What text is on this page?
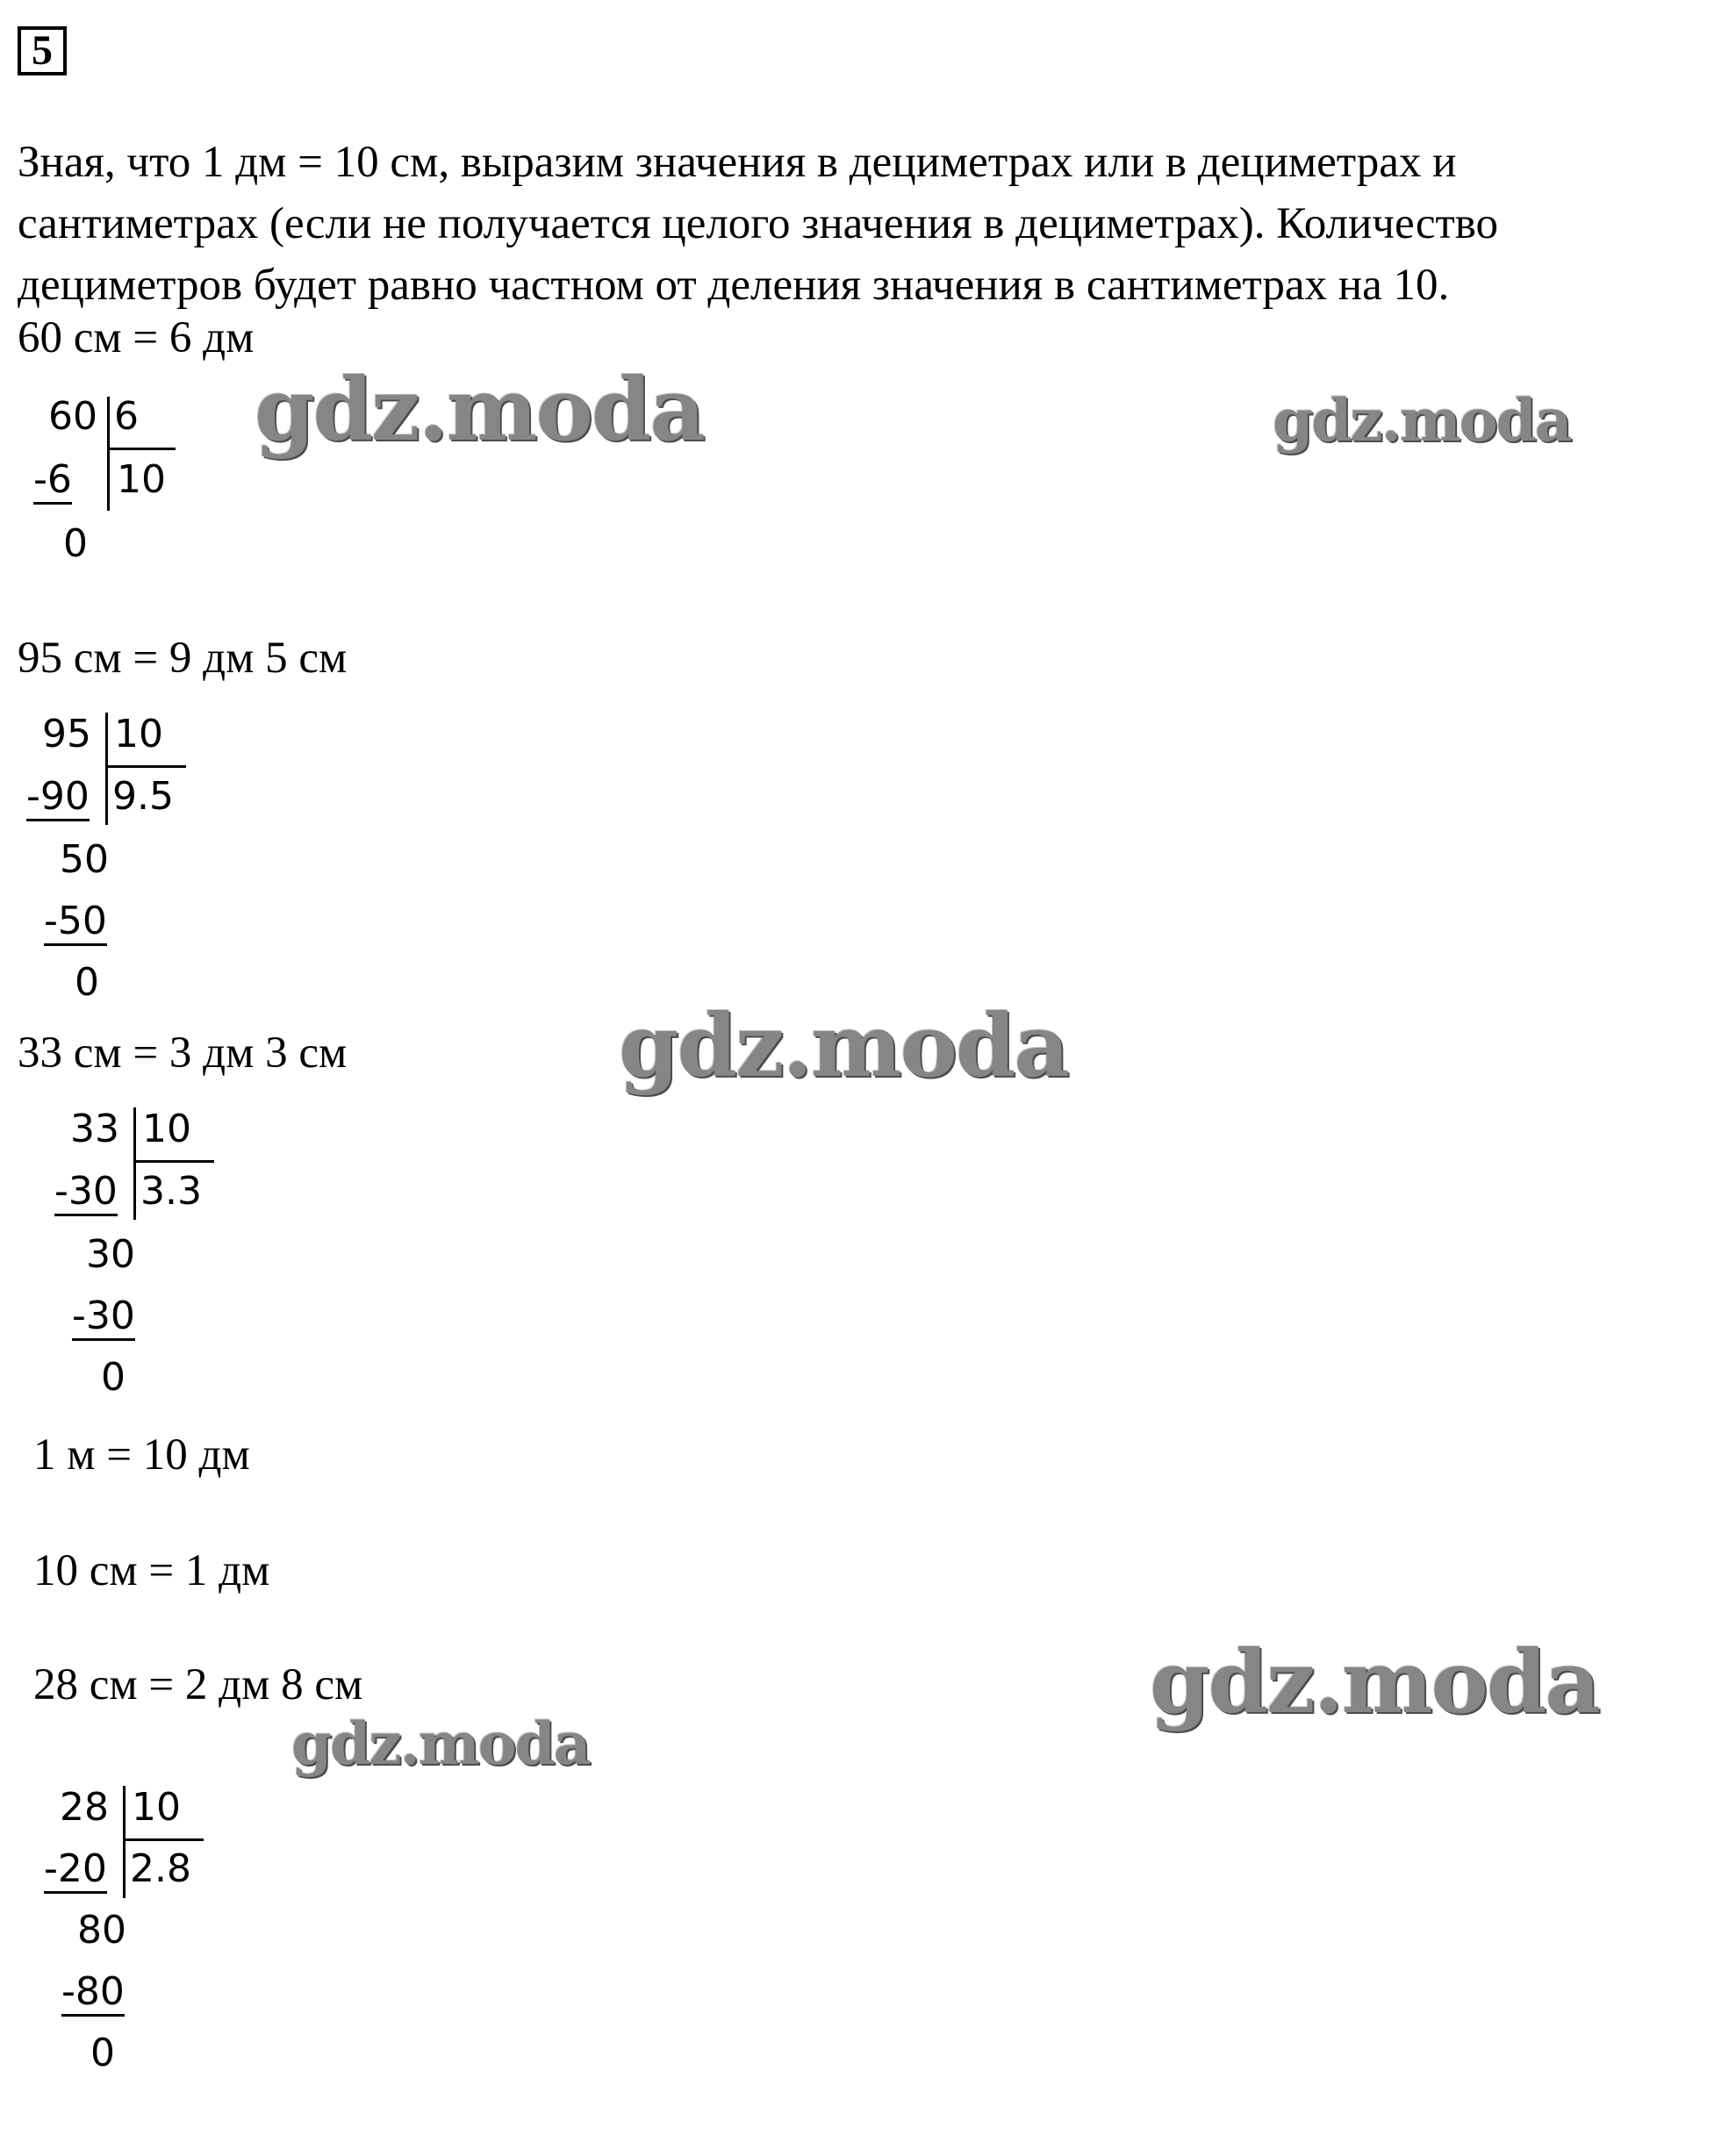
5

Зная, что 1 дм = 10 см, выразим значения в дециметрах или в дециметрах и

сантиметрах (если не получается целого значения в дециметрах). Количество

дециметров будет равно частном от деления значения в сантиметрах на 10.

60 см = 6 дм
60 6
-6 10
0
95 см = 9 дм 5 см
95 10
-90 9.5
50
-50
0
33 см = 3 дм 3 см
33 10
-30 3.3
30
-30
0
1 м = 10 дм
10 см = 1 дм
28 см = 2 дм 8 см
28 10
-20 2.8
80
-80
0
gdz.moda	gdz.moda
gdz.moda
gdz.moda
gdz.moda
